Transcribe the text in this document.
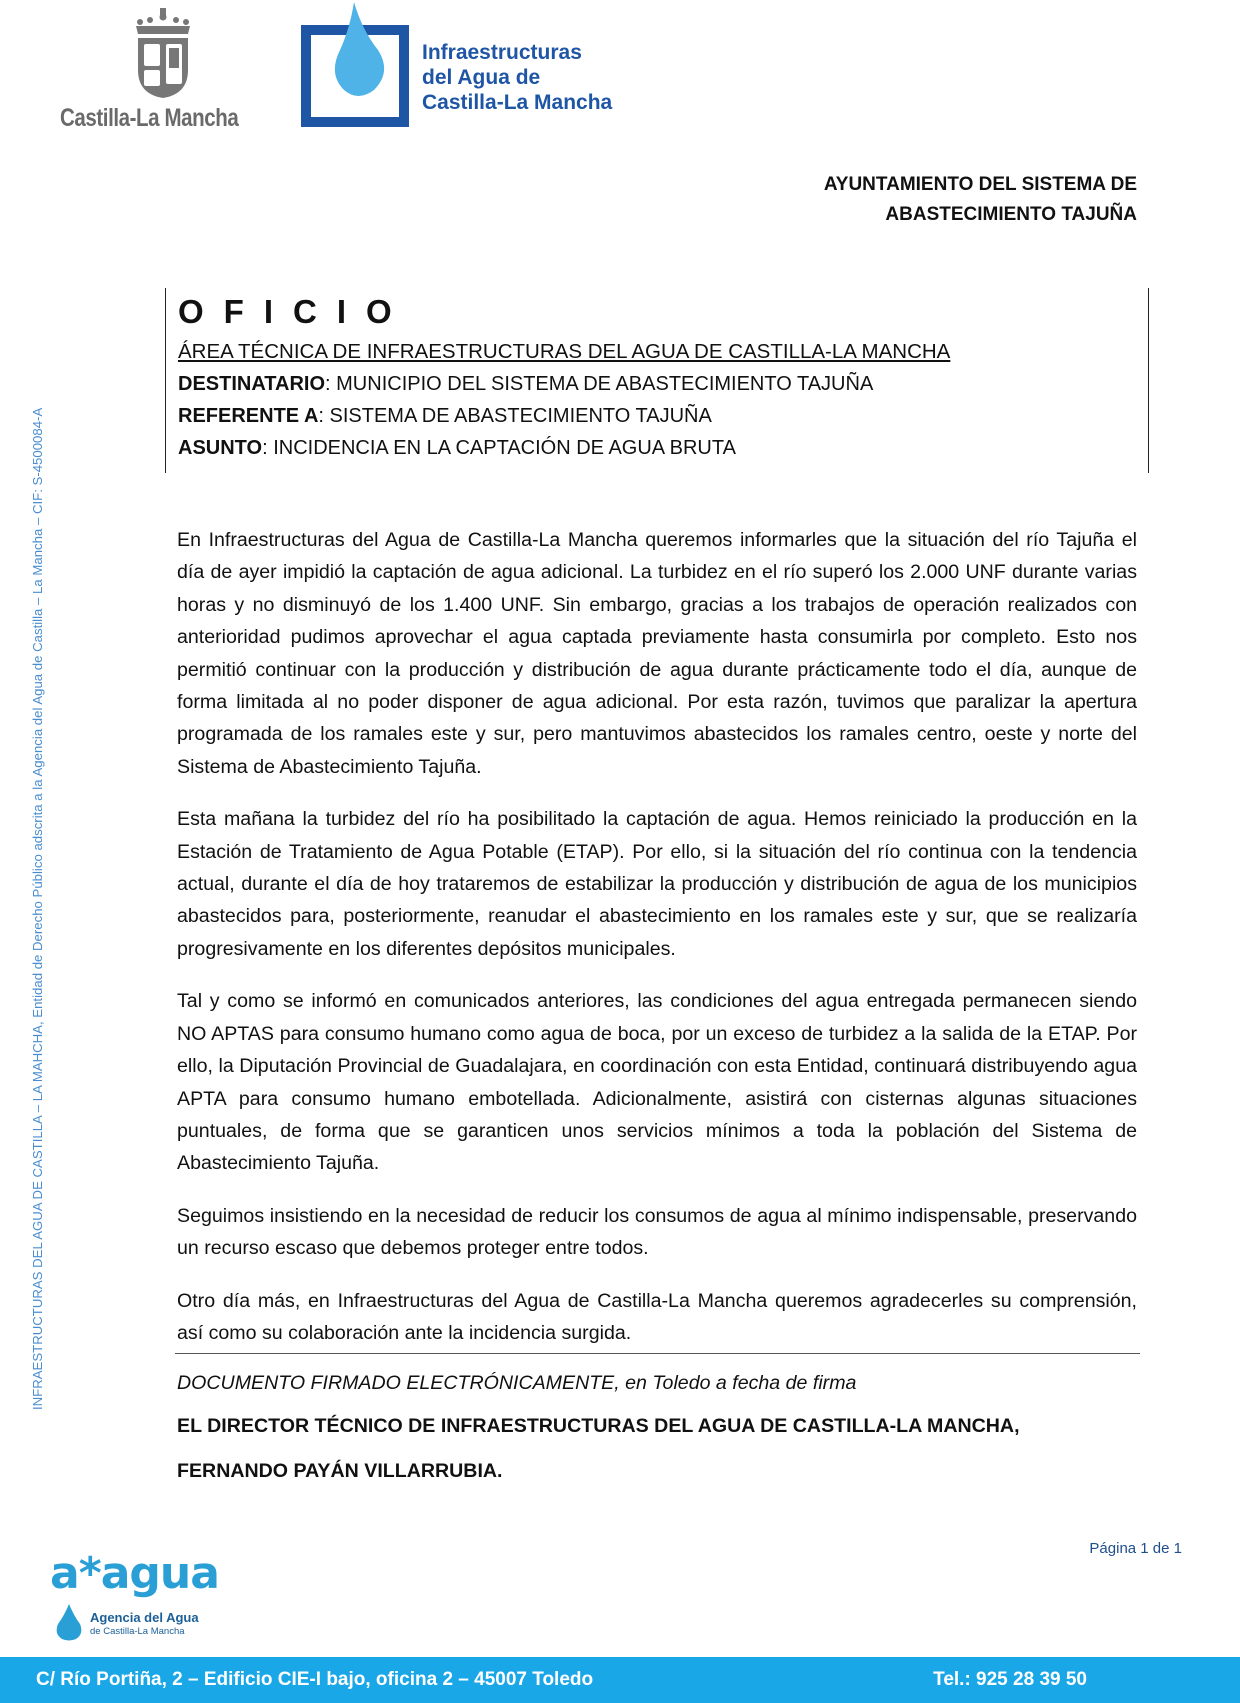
Castilla-La Mancha
Infraestructuras
del Agua de
Castilla-La Mancha
AYUNTAMIENTO DEL SISTEMA DE
ABASTECIMIENTO TAJUÑA
INFRAESTRUCTURAS DEL AGUA DE CASTILLA – LA MAHCHA, Entidad de Derecho Público adscrita a la Agencia del Agua de Castilla – La Mancha – CIF: S-4500084-A
OFICIO
ÁREA TÉCNICA DE INFRAESTRUCTURAS DEL AGUA DE CASTILLA-LA MANCHA
DESTINATARIO: MUNICIPIO DEL SISTEMA DE ABASTECIMIENTO TAJUÑA
REFERENTE A: SISTEMA DE ABASTECIMIENTO TAJUÑA
ASUNTO: INCIDENCIA EN LA CAPTACIÓN DE AGUA BRUTA

En Infraestructuras del Agua de Castilla-La Mancha queremos informarles que la situación del río Tajuña el día de ayer impidió la captación de agua adicional. La turbidez en el río superó los 2.000 UNF durante varias horas y no disminuyó de los 1.400 UNF. Sin embargo, gracias a los trabajos de operación realizados con anterioridad pudimos aprovechar el agua captada previamente hasta consumirla por completo. Esto nos permitió continuar con la producción y distribución de agua durante prácticamente todo el día, aunque de forma limitada al no poder disponer de agua adicional. Por esta razón, tuvimos que paralizar la apertura programada de los ramales este y sur, pero mantuvimos abastecidos los ramales centro, oeste y norte del Sistema de Abastecimiento Tajuña.

Esta mañana la turbidez del río ha posibilitado la captación de agua. Hemos reiniciado la producción en la Estación de Tratamiento de Agua Potable (ETAP). Por ello, si la situación del río continua con la tendencia actual, durante el día de hoy trataremos de estabilizar la producción y distribución de agua de los municipios abastecidos para, posteriormente, reanudar el abastecimiento en los ramales este y sur, que se realizaría progresivamente en los diferentes depósitos municipales.

Tal y como se informó en comunicados anteriores, las condiciones del agua entregada permanecen siendo NO APTAS para consumo humano como agua de boca, por un exceso de turbidez a la salida de la ETAP. Por ello, la Diputación Provincial de Guadalajara, en coordinación con esta Entidad, continuará distribuyendo agua APTA para consumo humano embotellada. Adicionalmente, asistirá con cisternas algunas situaciones puntuales, de forma que se garanticen unos servicios mínimos a toda la población del Sistema de Abastecimiento Tajuña.

Seguimos insistiendo en la necesidad de reducir los consumos de agua al mínimo indispensable, preservando un recurso escaso que debemos proteger entre todos.

Otro día más, en Infraestructuras del Agua de Castilla-La Mancha queremos agradecerles su comprensión, así como su colaboración ante la incidencia surgida.

DOCUMENTO FIRMADO ELECTRÓNICAMENTE, en Toledo a fecha de firma
EL DIRECTOR TÉCNICO DE INFRAESTRUCTURAS DEL AGUA DE CASTILLA-LA MANCHA,
FERNANDO PAYÁN VILLARRUBIA.
Página 1 de 1
a*agua
Agencia del Agua
de Castilla-La Mancha
C/ Río Portiña, 2 – Edificio CIE-I bajo, oficina 2 – 45007 Toledo	Tel.: 925 28 39 50
